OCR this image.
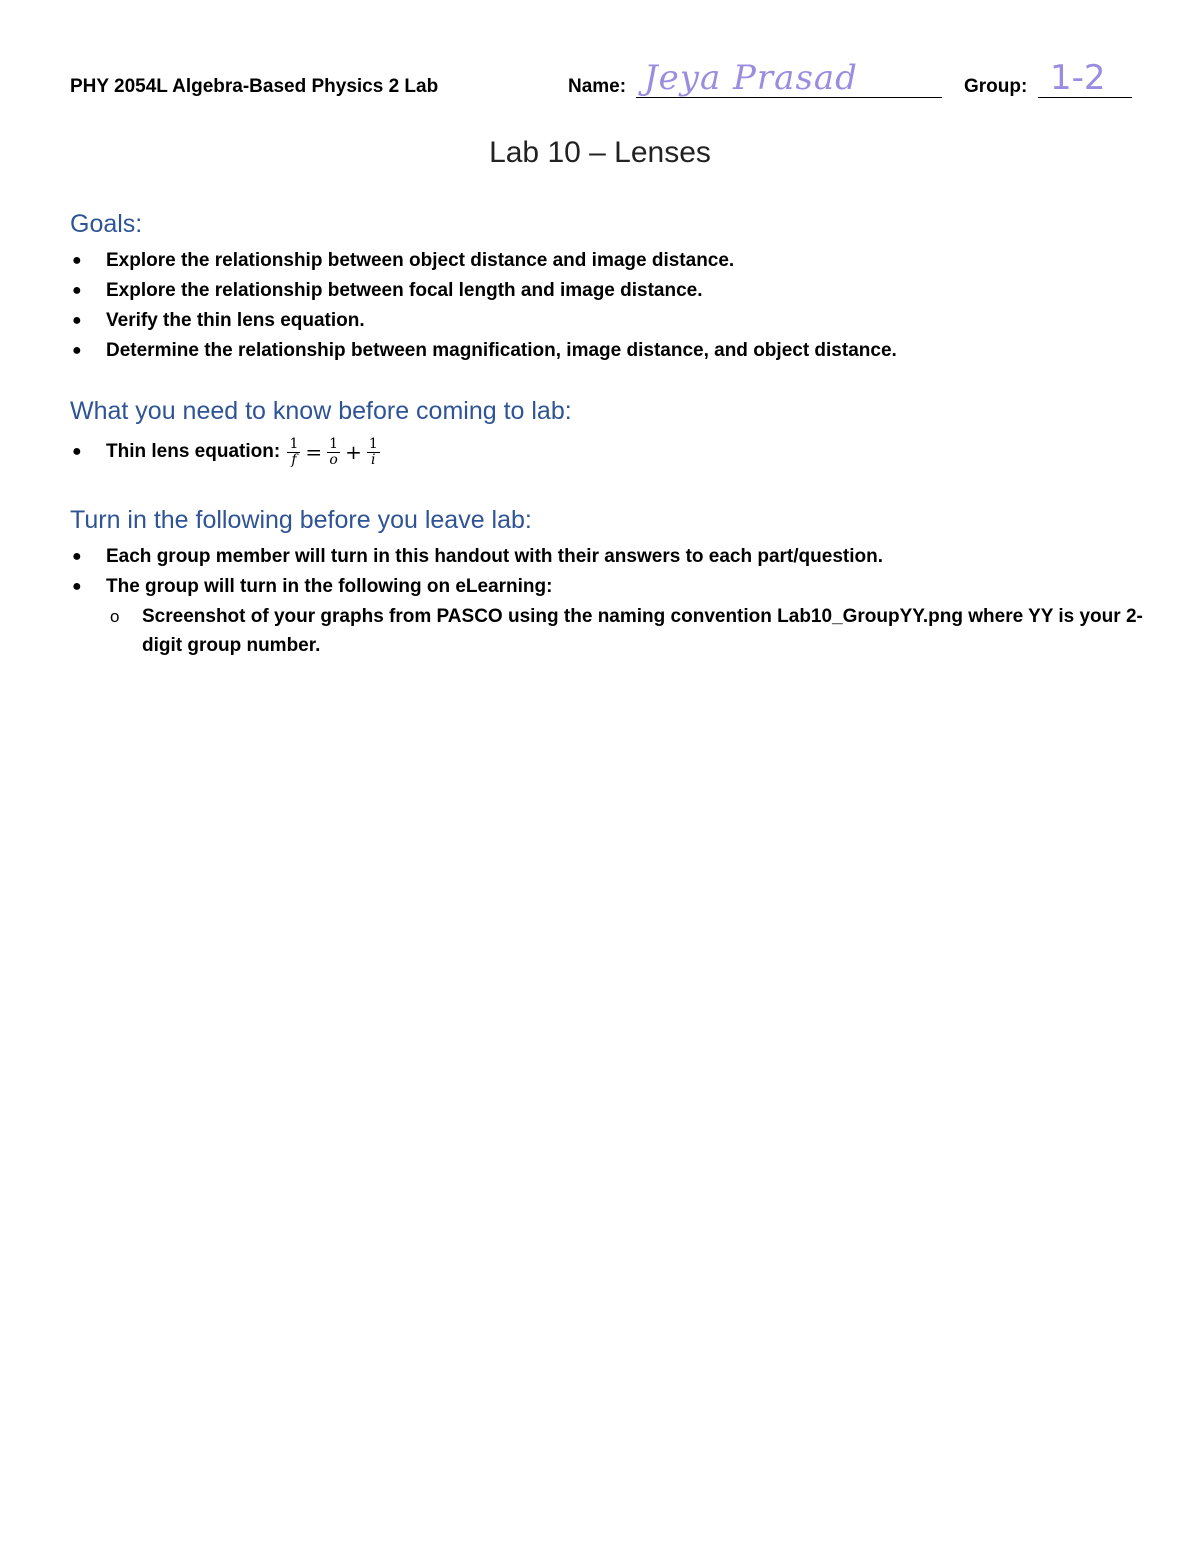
PHY 2054L Algebra-Based Physics 2 Lab	Name: Jeya Prasad	Group: 1-2
Lab 10 – Lenses
Goals:
● Explore the relationship between object distance and image distance.
● Explore the relationship between focal length and image distance.
● Verify the thin lens equation.
● Determine the relationship between magnification, image distance, and object distance.
What you need to know before coming to lab:
● Thin lens equation: $\frac{1}{f} = \frac{1}{o} + \frac{1}{i}$
Turn in the following before you leave lab:
● Each group member will turn in this handout with their answers to each part/question.
● The group will turn in the following on eLearning:
o Screenshot of your graphs from PASCO using the naming convention Lab10_GroupYY.png where YY is your 2-digit group number.
